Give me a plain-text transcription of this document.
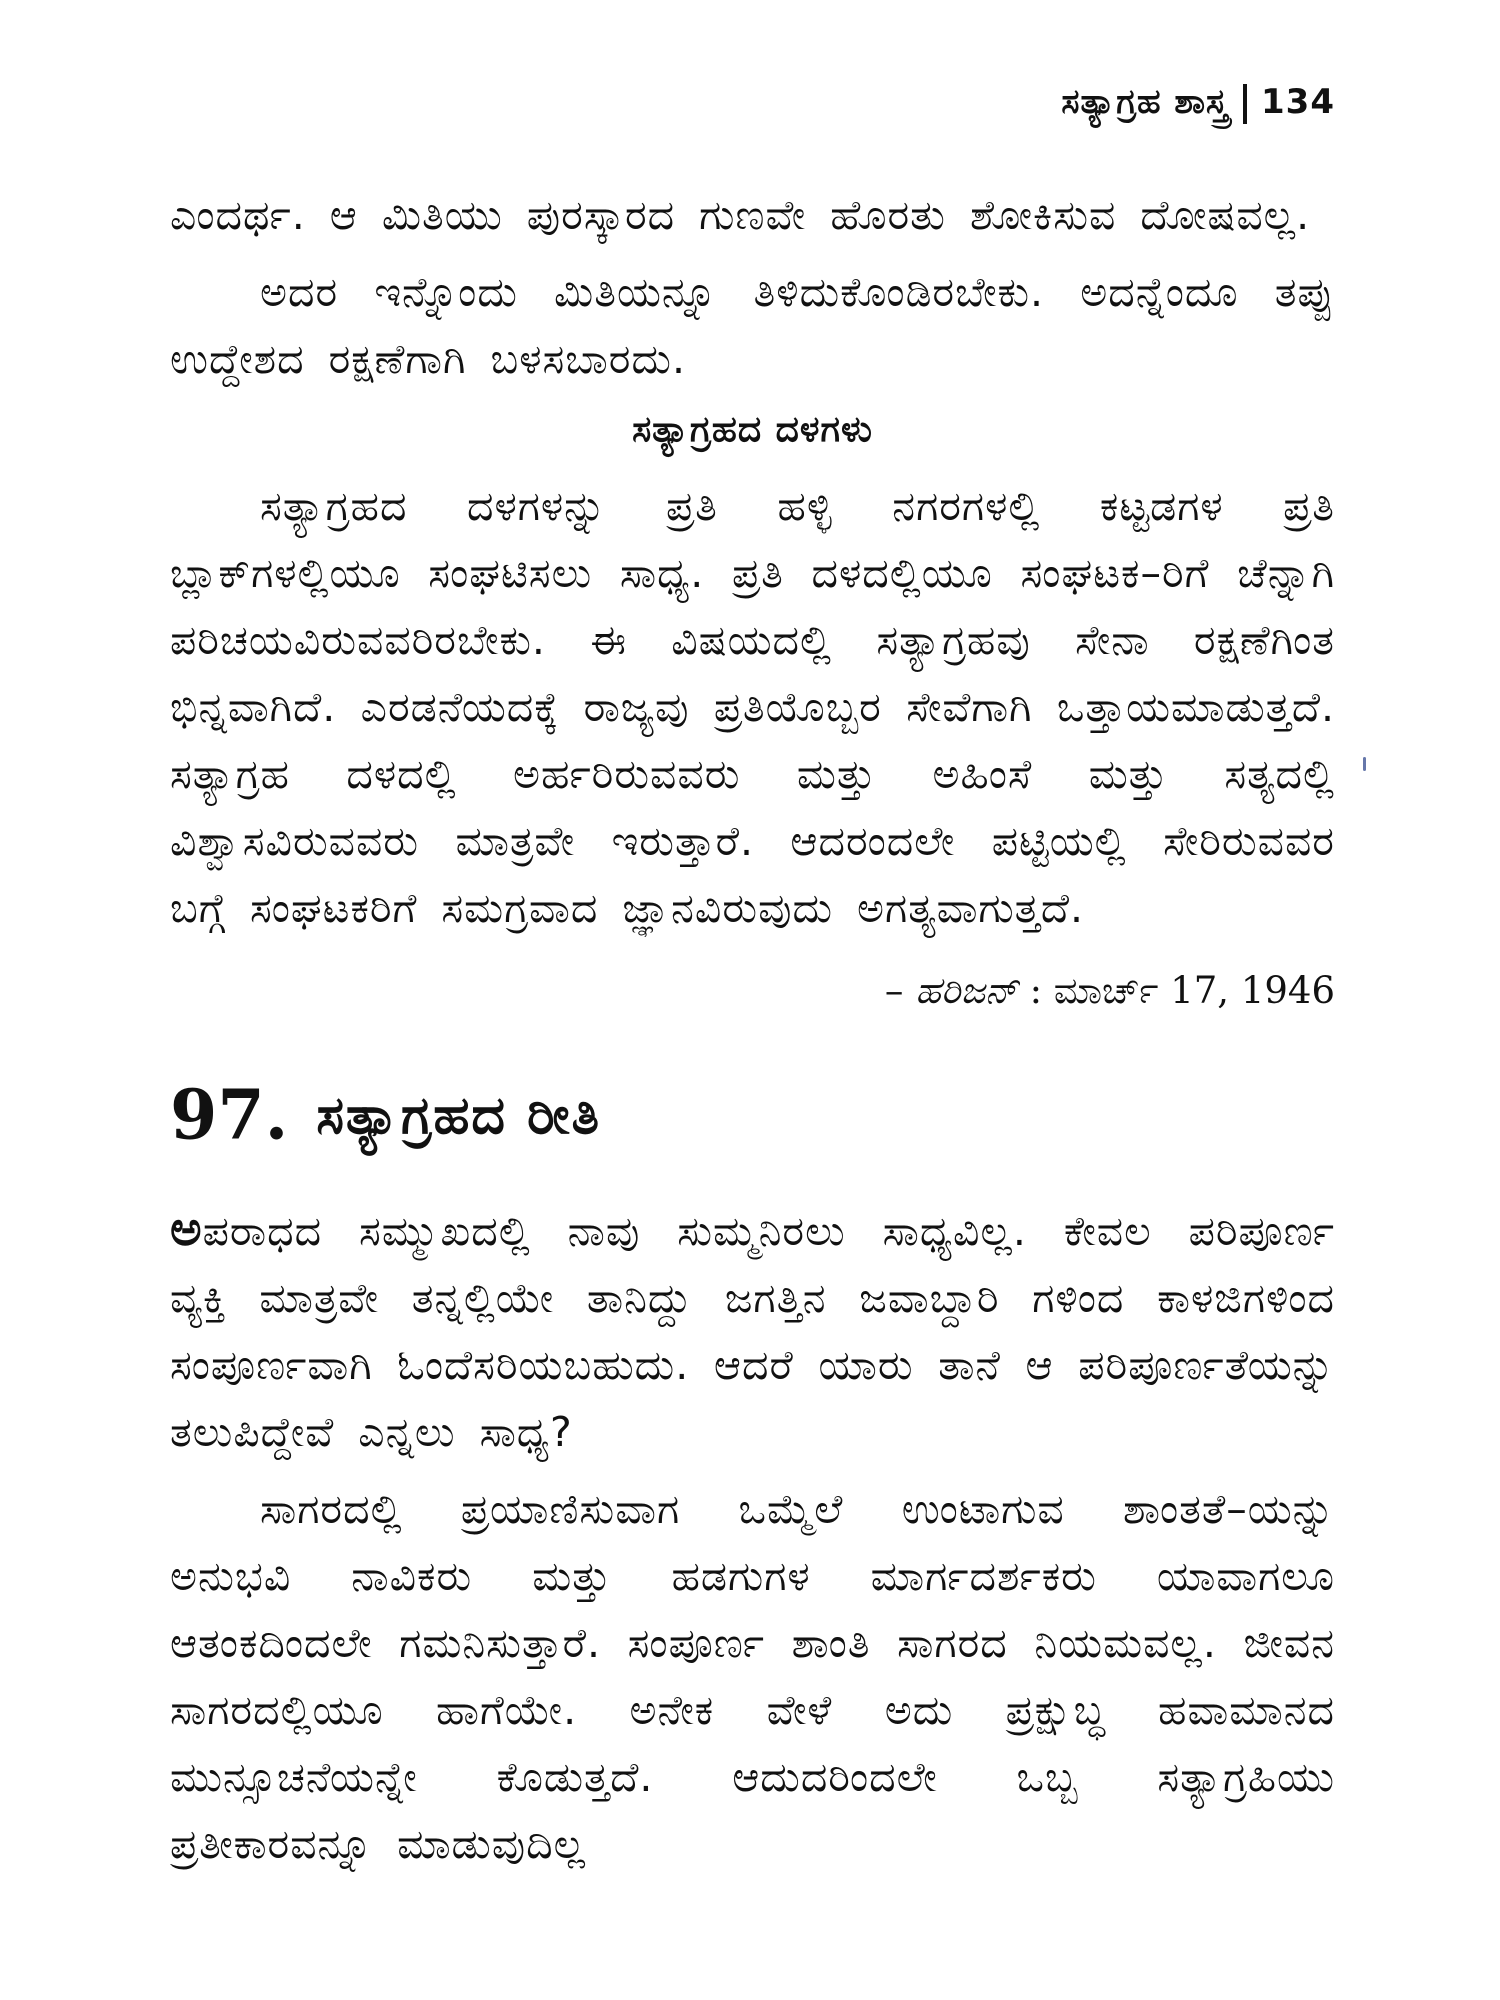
ಸತ್ಯಾಗ್ರಹ ಶಾಸ್ತ್ರ 134

ಎಂದರ್ಥ. ಆ ಮಿತಿಯು ಪುರಸ್ಕಾರದ ಗುಣವೇ ಹೊರತು ಶೋಕಿಸುವ ದೋಷವಲ್ಲ.

ಅದರ ಇನ್ನೊಂದು ಮಿತಿಯನ್ನೂ ತಿಳಿದುಕೊಂಡಿರಬೇಕು. ಅದನ್ನೆಂದೂ ತಪ್ಪು ಉದ್ದೇಶದ ರಕ್ಷಣೆಗಾಗಿ ಬಳಸಬಾರದು.

ಸತ್ಯಾಗ್ರಹದ ದಳಗಳು

ಸತ್ಯಾಗ್ರಹದ ದಳಗಳನ್ನು ಪ್ರತಿ ಹಳ್ಳಿ ನಗರಗಳಲ್ಲಿ ಕಟ್ಟಡಗಳ ಪ್ರತಿ ಬ್ಲಾಕ್‌ಗಳಲ್ಲಿಯೂ ಸಂಘಟಿಸಲು ಸಾಧ್ಯ. ಪ್ರತಿ ದಳದಲ್ಲಿಯೂ ಸಂಘಟಕ–ರಿಗೆ ಚೆನ್ನಾಗಿ ಪರಿಚಯವಿರುವವರಿರಬೇಕು. ಈ ವಿಷಯದಲ್ಲಿ ಸತ್ಯಾಗ್ರಹವು ಸೇನಾ ರಕ್ಷಣೆಗಿಂತ ಭಿನ್ನವಾಗಿದೆ. ಎರಡನೆಯದಕ್ಕೆ ರಾಜ್ಯವು ಪ್ರತಿಯೊಬ್ಬರ ಸೇವೆಗಾಗಿ ಒತ್ತಾಯಮಾಡುತ್ತದೆ. ಸತ್ಯಾಗ್ರಹ ದಳದಲ್ಲಿ ಅರ್ಹರಿರುವವರು ಮತ್ತು ಅಹಿಂಸೆ ಮತ್ತು ಸತ್ಯದಲ್ಲಿ ವಿಶ್ವಾಸವಿರುವವರು ಮಾತ್ರವೇ ಇರುತ್ತಾರೆ. ಆದರಂದಲೇ ಪಟ್ಟಿಯಲ್ಲಿ ಸೇರಿರುವವರ ಬಗ್ಗೆ ಸಂಘಟಕರಿಗೆ ಸಮಗ್ರವಾದ ಜ್ಞಾನವಿರುವುದು ಅಗತ್ಯವಾಗುತ್ತದೆ.

– ಹರಿಜನ್ : ಮಾರ್ಚ್ 17, 1946
97. ಸತ್ಯಾಗ್ರಹದ ರೀತಿ

ಅಪರಾಧದ ಸಮ್ಮುಖದಲ್ಲಿ ನಾವು ಸುಮ್ಮನಿರಲು ಸಾಧ್ಯವಿಲ್ಲ. ಕೇವಲ ಪರಿಪೂರ್ಣ ವ್ಯಕ್ತಿ ಮಾತ್ರವೇ ತನ್ನಲ್ಲಿಯೇ ತಾನಿದ್ದು ಜಗತ್ತಿನ ಜವಾಬ್ದಾರಿ ಗಳಿಂದ ಕಾಳಜಿಗಳಿಂದ ಸಂಪೂರ್ಣವಾಗಿ ಓಂದೆಸರಿಯಬಹುದು. ಆದರೆ ಯಾರು ತಾನೆ ಆ ಪರಿಪೂರ್ಣತೆಯನ್ನು ತಲುಪಿದ್ದೇವೆ ಎನ್ನಲು ಸಾಧ್ಯ?

ಸಾಗರದಲ್ಲಿ ಪ್ರಯಾಣಿಸುವಾಗ ಒಮ್ಮೆಲೆ ಉಂಟಾಗುವ ಶಾಂತತೆ–ಯನ್ನು ಅನುಭವಿ ನಾವಿಕರು ಮತ್ತು ಹಡಗುಗಳ ಮಾರ್ಗದರ್ಶಕರು ಯಾವಾಗಲೂ ಆತಂಕದಿಂದಲೇ ಗಮನಿಸುತ್ತಾರೆ. ಸಂಪೂರ್ಣ ಶಾಂತಿ ಸಾಗರದ ನಿಯಮವಲ್ಲ. ಜೀವನ ಸಾಗರದಲ್ಲಿಯೂ ಹಾಗೆಯೇ. ಅನೇಕ ವೇಳೆ ಅದು ಪ್ರಕ್ಷುಬ್ಧ ಹವಾಮಾನದ ಮುನ್ಸೂಚನೆಯನ್ನೇ ಕೊಡುತ್ತದೆ. ಆದುದರಿಂದಲೇ ಒಬ್ಬ ಸತ್ಯಾಗ್ರಹಿಯು ಪ್ರತೀಕಾರವನ್ನೂ ಮಾಡುವುದಿಲ್ಲ
